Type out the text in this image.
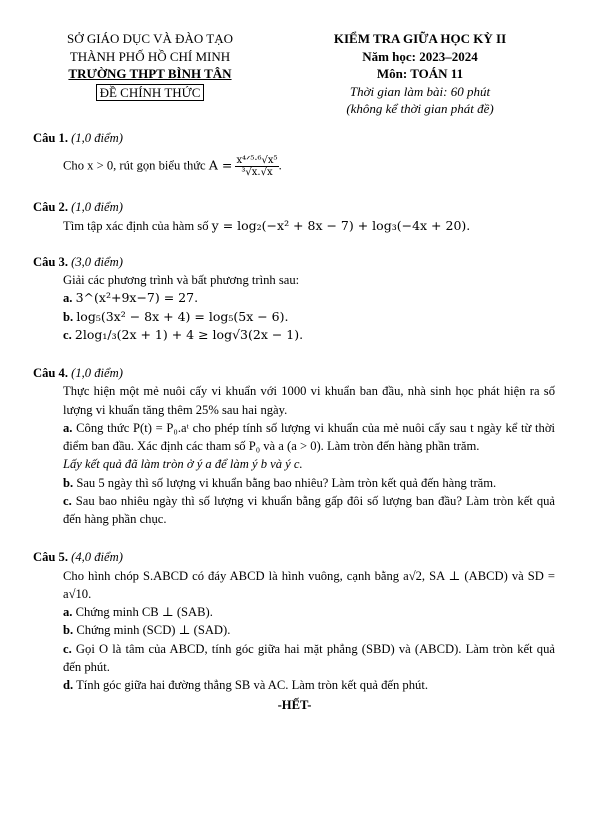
SỞ GIÁO DỤC VÀ ĐÀO TẠO
THÀNH PHỐ HỒ CHÍ MINH
TRƯỜNG THPT BÌNH TÂN
ĐỀ CHÍNH THỨC
KIỂM TRA GIỮA HỌC KỲ II
Năm học: 2023–2024
Môn: TOÁN 11
Thời gian làm bài: 60 phút
(không kể thời gian phát đề)
Câu 1. (1,0 điểm)
Cho x > 0, rút gọn biểu thức $A = \frac{\text{x⁴ᐟ⁵·⁶√x⁵}}{\text{³√x.√x}}$ .
Câu 2. (1,0 điểm)
Tìm tập xác định của hàm số y = log₂(−x² + 8x − 7) + log₃(−4x + 20).
Câu 3. (3,0 điểm)
Giải các phương trình và bất phương trình sau:
a. 3^(x²+9x−7) = 27.
b. log₅(3x² − 8x + 4) = log₅(5x − 6).
c. 2log₁/₃(2x + 1) + 4 ≥ log√3(2x − 1).
Câu 4. (1,0 điểm)
Thực hiện một mẻ nuôi cấy vi khuẩn với 1000 vi khuẩn ban đầu, nhà sinh học phát hiện ra số lượng vi khuẩn tăng thêm 25% sau hai ngày.
a. Công thức P(t) = P₀.aᵗ cho phép tính số lượng vi khuẩn của mẻ nuôi cấy sau t ngày kể từ thời điểm ban đầu. Xác định các tham số P₀ và a (a > 0). Làm tròn đến hàng phần trăm.
Lấy kết quả đã làm tròn ở ý a để làm ý b và ý c.
b. Sau 5 ngày thì số lượng vi khuẩn bằng bao nhiêu? Làm tròn kết quả đến hàng trăm.
c. Sau bao nhiêu ngày thì số lượng vi khuẩn bằng gấp đôi số lượng ban đầu? Làm tròn kết quả đến hàng phần chục.
Câu 5. (4,0 điểm)
Cho hình chóp S.ABCD có đáy ABCD là hình vuông, cạnh bằng a√2, SA ⊥ (ABCD) và SD = a√10.
a. Chứng minh CB ⊥ (SAB).
b. Chứng minh (SCD) ⊥ (SAD).
c. Gọi O là tâm của ABCD, tính góc giữa hai mặt phẳng (SBD) và (ABCD). Làm tròn kết quả đến phút.
d. Tính góc giữa hai đường thẳng SB và AC. Làm tròn kết quả đến phút.
-HẾT-
